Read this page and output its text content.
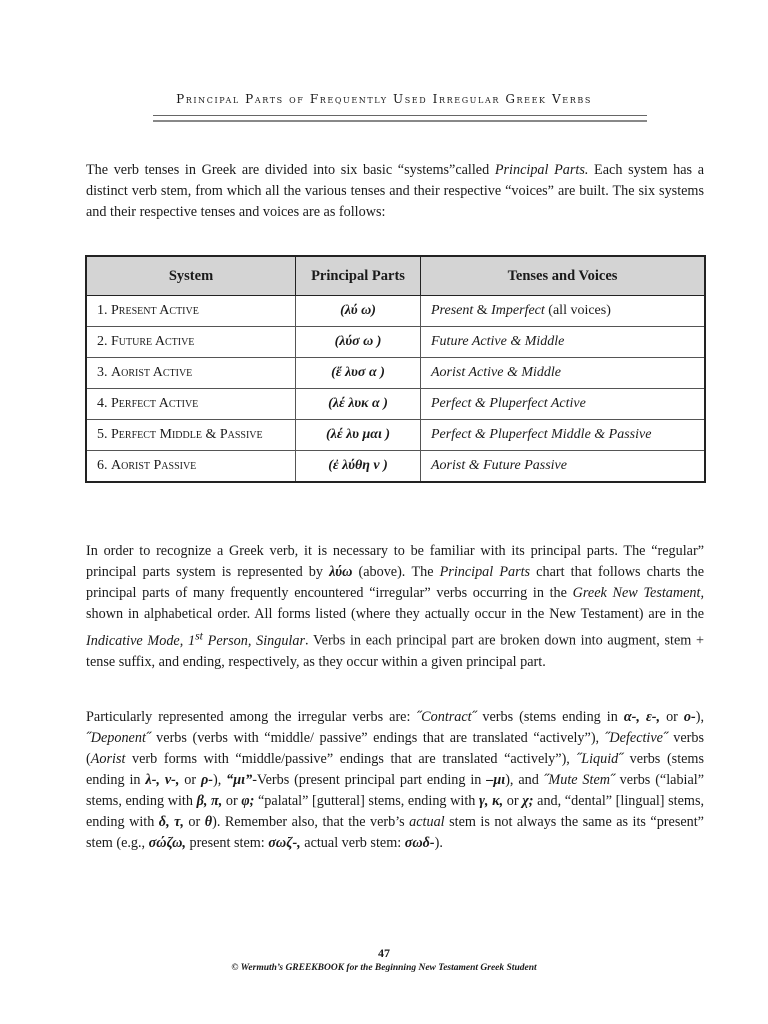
Principal Parts of Frequently Used Irregular Greek Verbs
The verb tenses in Greek are divided into six basic “systems”called Principal Parts. Each system has a distinct verb stem, from which all the various tenses and their respective “voices” are built. The six systems and their respective tenses and voices are as follows:
System	Principal Parts	Tenses and Voices
1. Present Active	(λύ ω)	Present & Imperfect (all voices)
2. Future Active	(λύσ ω )	Future Active & Middle
3. Aorist Active	(ἔ λυσ α )	Aorist Active & Middle
4. Perfect Active	(λέ λυκ α )	Perfect & Pluperfect Active
5. Perfect Middle & Passive	(λέ λυ μαι )	Perfect & Pluperfect Middle & Passive
6. Aorist Passive	(ἐ λύθη ν )	Aorist & Future Passive
In order to recognize a Greek verb, it is necessary to be familiar with its principal parts. The “regular” principal parts system is represented by λύω (above). The Principal Parts chart that follows charts the principal parts of many frequently encountered “irregular” verbs occurring in the Greek New Testament, shown in alphabetical order. All forms listed (where they actually occur in the New Testament) are in the Indicative Mode, 1st Person, Singular. Verbs in each principal part are broken down into augment, stem + tense suffix, and ending, respectively, as they occur within a given principal part.
Particularly represented among the irregular verbs are: ˝Contract˝ verbs (stems ending in α-, ε-, or ο-), ˝Deponent˝ verbs (verbs with “middle/ passive” endings that are translated “actively”), ˝Defective˝ verbs (Aorist verb forms with “middle/passive” endings that are translated “actively”), ˝Liquid˝ verbs (stems ending in λ-, ν-, or ρ-), “μι”-Verbs (present principal part ending in –μι), and ˝Mute Stem˝ verbs (“labial” stems, ending with β, π, or φ; “palatal” [gutteral] stems, ending with γ, κ, or χ; and, “dental” [lingual] stems, ending with δ, τ, or θ). Remember also, that the verb’s actual stem is not always the same as its “present” stem (e.g., σώζω, present stem: σωζ-, actual verb stem: σωδ-).
47
© Wermuth’s GREEKBOOK for the Beginning New Testament Greek Student
